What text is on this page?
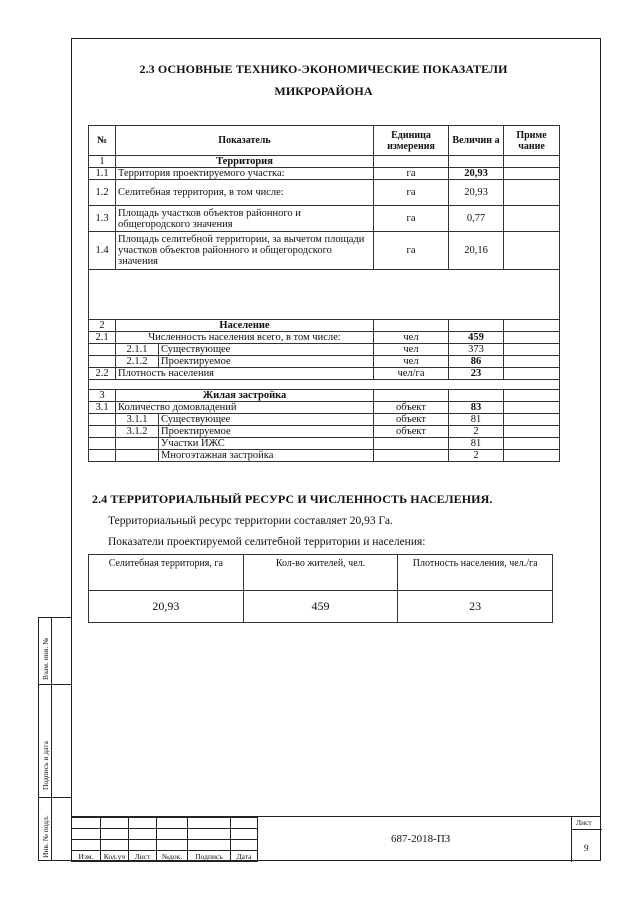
2.3 ОСНОВНЫЕ ТЕХНИКО-ЭКОНОМИЧЕСКИЕ ПОКАЗАТЕЛИ
МИКРОРАЙОНА
№	Показатель		Единица измерения	Величин а	Приме чание
1	Территория				
1.1	Территория проектируемого участка:		га	20,93	
1.2	Селитебная территория, в том числе:		га	20,93	
1.3	Площадь участков объектов районного и общегородского значения		га	0,77	
1.4	Площадь селитебной территории, за вычетом площади участков объектов районного и общегородского значения		га	20,16	

2	Население				
2.1	Численность населения всего, в том числе:		чел	459	
	2.1.1	Существующее	чел	373	
	2.1.2	Проектируемое	чел	86	
2.2	Плотность населения		чел/га	23	

3	Жилая застройка				
3.1	Количество домовладений		объект	83	
	3.1.1	Существующее	объект	81	
	3.1.2	Проектируемое	объект	2	
		Участки ИЖС		81	
		Многоэтажная застройка		2	
2.4 ТЕРРИТОРИАЛЬНЫЙ РЕСУРС И ЧИСЛЕННОСТЬ НАСЕЛЕНИЯ.

Территориальный ресурс территории составляет 20,93 Га.

Показатели проектируемой селитебной территории и населения:

Селитебная территория, га	Кол-во жителей, чел.	Плотность населения, чел./га
20,93	459	23
Взам. инв. №
Подпись и дата
Инв. № подл.

						Изм.	Кол.уч	Лист	№док.	Подпись	Дата
687-2018-ПЗ
Лист
9
